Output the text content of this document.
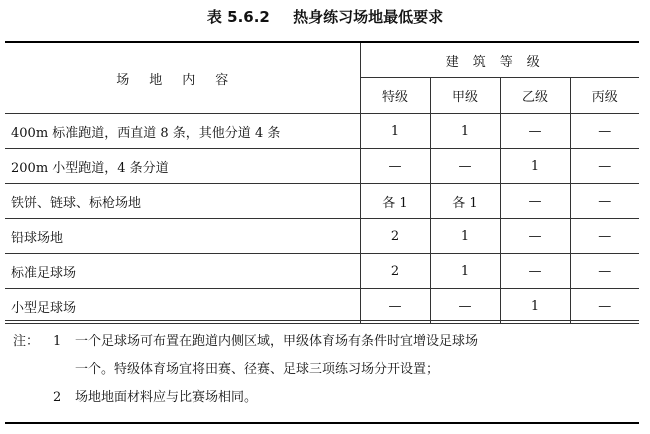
表 5.6.2 热身练习场地最低要求
场地内容	建筑等级			
	特级	甲级	乙级	丙级
400m 标准跑道，西直道 8 条，其他分道 4 条	1	1	—	—
200m 小型跑道，4 条分道	—	—	1	—
铁饼、链球、标枪场地	各 1	各 1	—	—
铅球场地	2	1	—	—
标准足球场	2	1	—	—
小型足球场	—	—	1	—
注： 1 一个足球场可布置在跑道内侧区域，甲级体育场有条件时宜增设足球场
一个。特级体育场宜将田赛、径赛、足球三项练习场分开设置；
2 场地地面材料应与比赛场相同。
